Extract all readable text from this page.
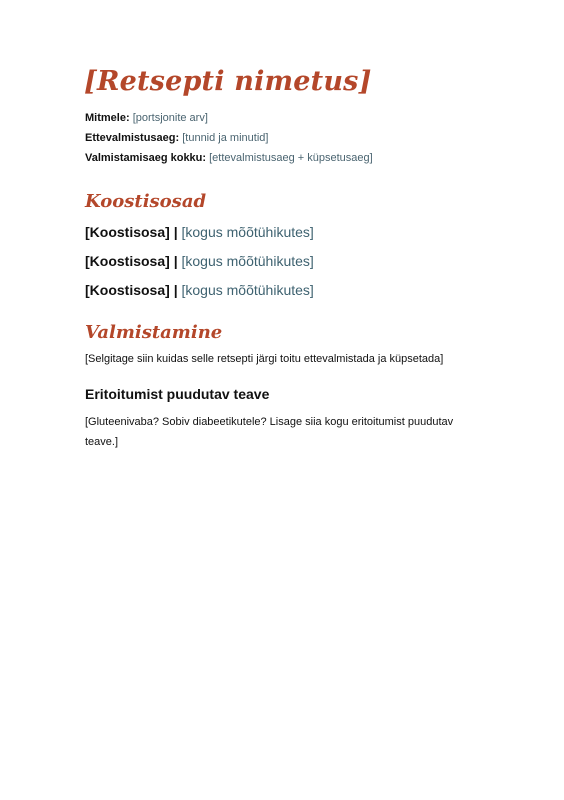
[Retsepti nimetus]
Mitmele: [portsjonite arv]
Ettevalmistusaeg: [tunnid ja minutid]
Valmistamisaeg kokku: [ettevalmistusaeg + küpsetusaeg]
Koostisosad
[Koostisosa] | [kogus mõõtühikutes]
[Koostisosa] | [kogus mõõtühikutes]
[Koostisosa] | [kogus mõõtühikutes]
Valmistamine

[Selgitage siin kuidas selle retsepti järgi toitu ettevalmistada ja küpsetada]

Eritoitumist puudutav teave

[Gluteenivaba? Sobiv diabeetikutele? Lisage siia kogu eritoitumist puudutav teave.]
